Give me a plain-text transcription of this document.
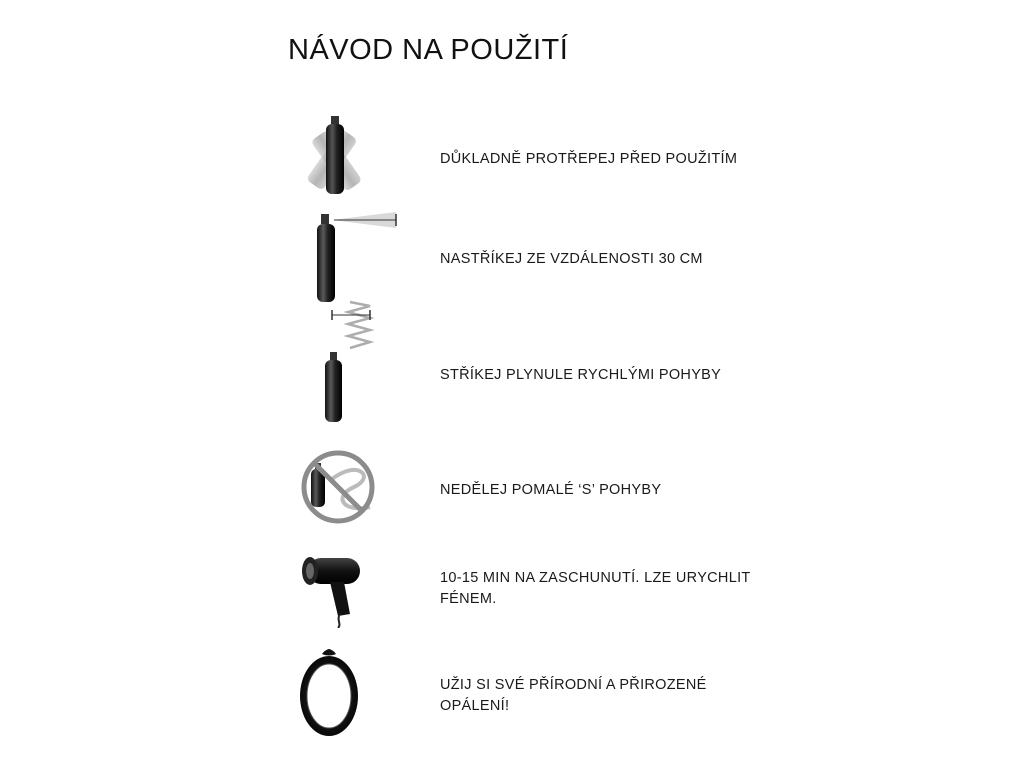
NÁVOD NA POUŽITÍ
DŮKLADNĚ PROTŘEPEJ PŘED POUŽITÍM
NASTŘÍKEJ ZE VZDÁLENOSTI 30 CM
STŘÍKEJ PLYNULE RYCHLÝMI POHYBY
NEDĚLEJ POMALÉ ‘S’ POHYBY
10-15 MIN NA ZASCHUNUTÍ. LZE URYCHLIT
FÉNEM.
UŽIJ SI SVÉ PŘÍRODNÍ A PŘIROZENÉ
OPÁLENÍ!
